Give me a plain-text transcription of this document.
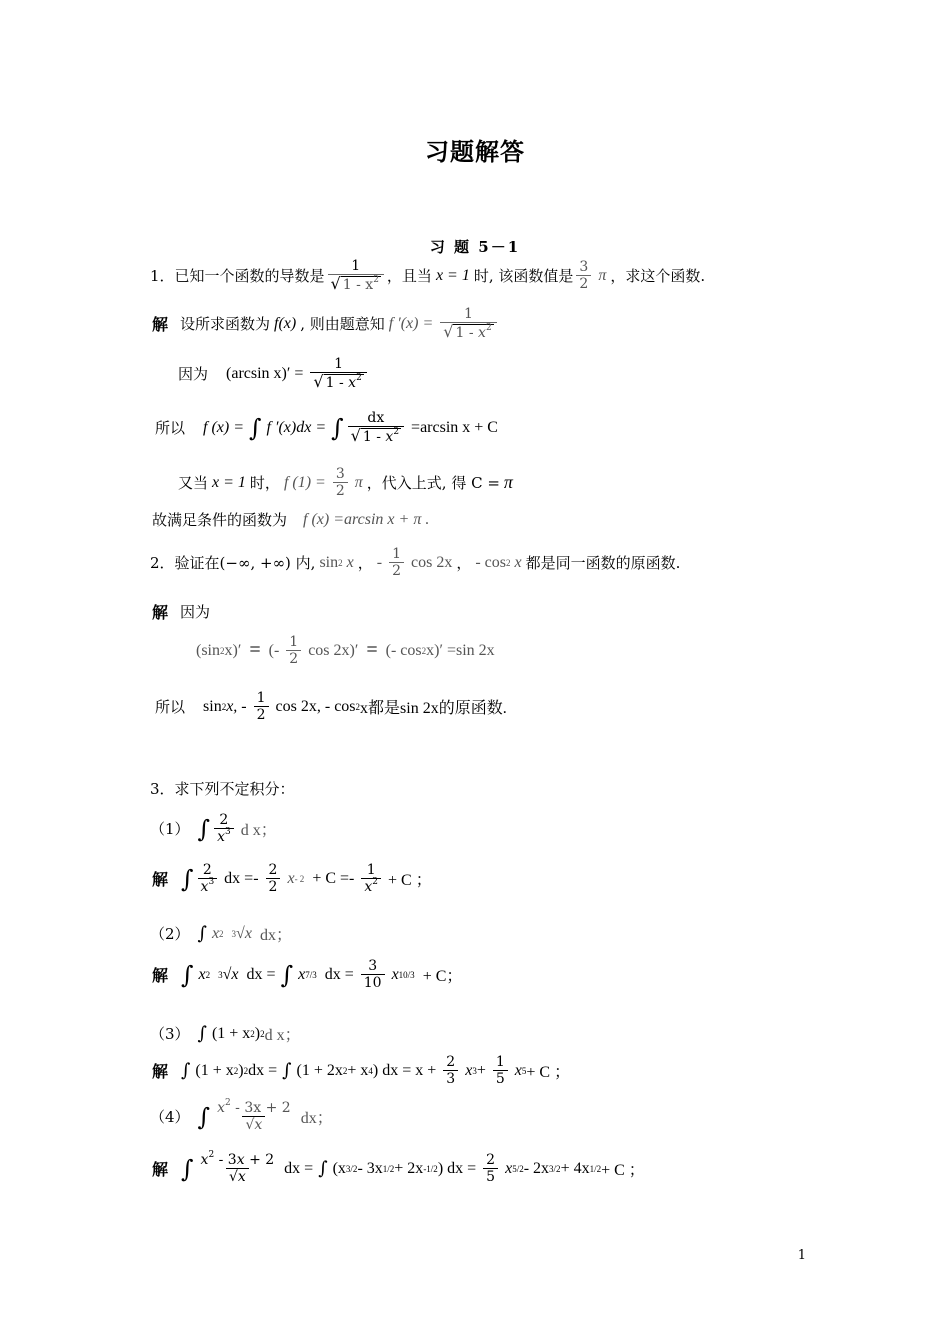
习题解答
习 题 5－1
1．已知一个函数的导数是 $\frac{1}{√ 1 - x^2}$ ，且当 x = 1 时, 该函数值是 $\frac{3}{2}$ π ，求这个函数.
解 设所求函数为 f(x) , 则由题意知 f $'(x) = \frac{1}{√ 1 - x^2}$
因为 (arcsin $x)' = \frac{1}{√ 1 - x^2}$
所以 f (x) = ∫ f ′(x)dx = ∫ $\frac{dx}{√ 1 - x^2} =\arcsin$ x + C
又当 x = 1 时， f $(1) = \frac{3}{2}$ π ，代入上式, 得 C = π
故满足条件的函数为 f (x) =arcsin x + π .
2．验证在(−∞, +∞) 内, sin 2
x ， - $\frac{1}{2}$ cos 2x ， - cos 2
x 都是同一函数的原函数.
解 因为
(sin 2 x)′ = (- $\frac{1}{2}$ cos 2x)′ = (- cos 2 x)′ =sin 2x
所以 sin 2 x, - $\frac{1}{2}$ cos 2x, - cos 2 x都是sin 2x的原函数.
3．求下列不定积分：
（1） ∫ $\frac{2}{x^3}$ d x；
解 ∫ $\frac{2}{x^3}$ dx =- $\frac{2}{2}$ $x - 2 + C =- \frac{1}{x^2} + C$ ；
（2） ∫ x 2
3 √ x dx；
解 ∫ x 2
3 √ x dx = ∫ x 7/3 dx = $\frac{3}{10}$ x 10/3 + C；
（3） ∫ (1 + x 2 ) 2 d x；
解 ∫ (1 + x 2 ) 2 dx = ∫ (1 + 2x 2 + x 4 ) dx = $x + \frac{2}{3}$ x $3 + \frac{1}{5}$ x 5 + C ；
（4） ∫ $\frac{x^2 - 3x + 2}{√x}$ dx；
解 ∫ $\frac{x^2 - 3x + 2}{√x}$ dx = ∫ (x 3/2 - 3x 1/2 + 2x -1/2 ) dx = $\frac{2}{5}$ x 5/2 - 2x 3/2 + 4x 1/2 + C ；
1
